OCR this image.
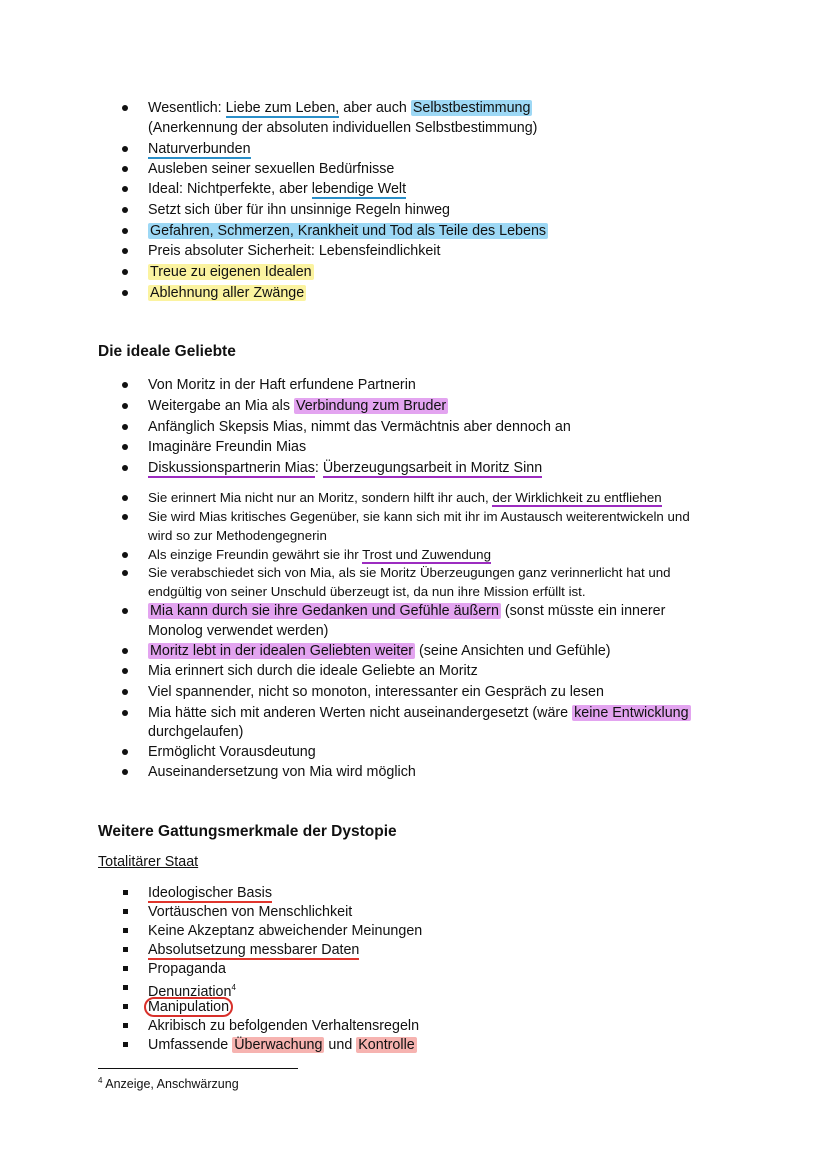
Wesentlich: Liebe zum Leben, aber auch Selbstbestimmung
(Anerkennung der absoluten individuellen Selbstbestimmung)
Naturverbunden
Ausleben seiner sexuellen Bedürfnisse
Ideal: Nichtperfekte, aber lebendige Welt
Setzt sich über für ihn unsinnige Regeln hinweg
Gefahren, Schmerzen, Krankheit und Tod als Teile des Lebens
Preis absoluter Sicherheit: Lebensfeindlichkeit
Treue zu eigenen Idealen
Ablehnung aller Zwänge
Die ideale Geliebte
Von Moritz in der Haft erfundene Partnerin
Weitergabe an Mia als Verbindung zum Bruder
Anfänglich Skepsis Mias, nimmt das Vermächtnis aber dennoch an
Imaginäre Freundin Mias
Diskussionspartnerin Mias: Überzeugungsarbeit in Moritz Sinn
Sie erinnert Mia nicht nur an Moritz, sondern hilft ihr auch, der Wirklichkeit zu entfliehen
Sie wird Mias kritisches Gegenüber, sie kann sich mit ihr im Austausch weiterentwickeln und
wird so zur Methodengegnerin
Als einzige Freundin gewährt sie ihr Trost und Zuwendung
Sie verabschiedet sich von Mia, als sie Moritz Überzeugungen ganz verinnerlicht hat und
endgültig von seiner Unschuld überzeugt ist, da nun ihre Mission erfüllt ist.
Mia kann durch sie ihre Gedanken und Gefühle äußern (sonst müsste ein innerer
Monolog verwendet werden)
Moritz lebt in der idealen Geliebten weiter (seine Ansichten und Gefühle)
Mia erinnert sich durch die ideale Geliebte an Moritz
Viel spannender, nicht so monoton, interessanter ein Gespräch zu lesen
Mia hätte sich mit anderen Werten nicht auseinandergesetzt (wäre keine Entwicklung
durchgelaufen)
Ermöglicht Vorausdeutung
Auseinandersetzung von Mia wird möglich
Weitere Gattungsmerkmale der Dystopie
Totalitärer Staat
Ideologischer Basis
Vortäuschen von Menschlichkeit
Keine Akzeptanz abweichender Meinungen
Absolutsetzung messbarer Daten
Propaganda
Denunziation$^4$
Manipulation
Akribisch zu befolgenden Verhaltensregeln
Umfassende Überwachung und Kontrolle
$^4$ Anzeige, Anschwärzung
